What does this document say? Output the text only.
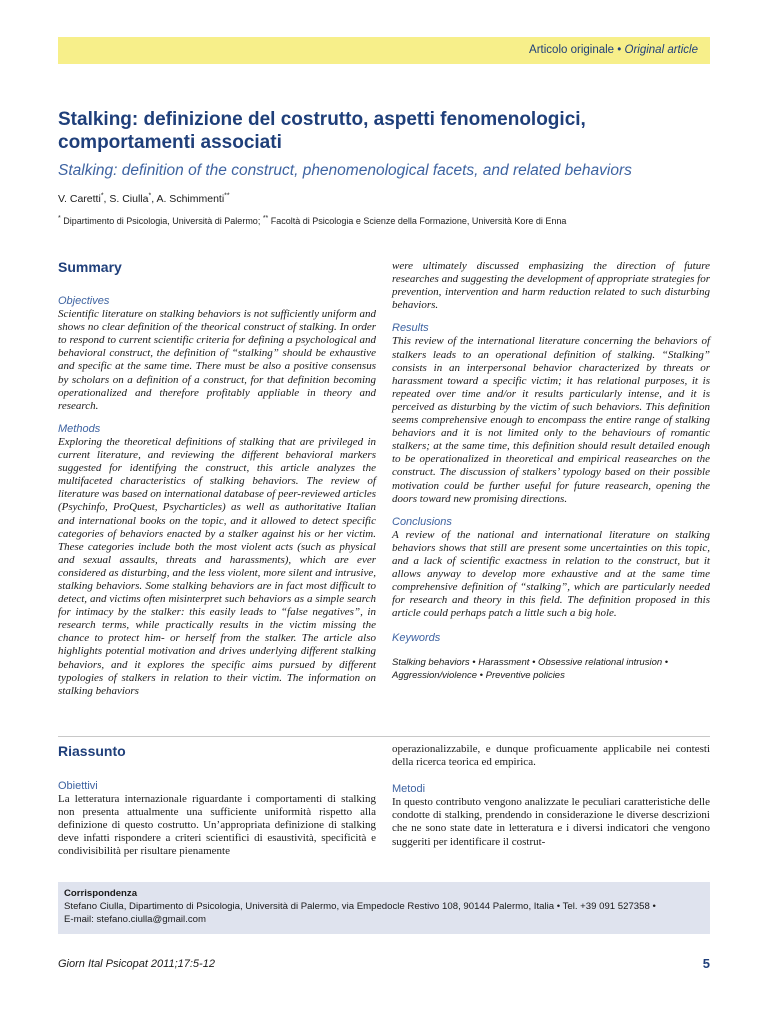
Articolo originale • Original article
Stalking: definizione del costrutto, aspetti fenomenologici, comportamenti associati
Stalking: definition of the construct, phenomenological facets, and related behaviors
V. Caretti*, S. Ciulla*, A. Schimmenti**
* Dipartimento di Psicologia, Università di Palermo; ** Facoltà di Psicologia e Scienze della Formazione, Università Kore di Enna
Summary

Objectives

Scientific literature on stalking behaviors is not sufficiently uniform and shows no clear definition of the theorical construct of stalking. In order to respond to current scientific criteria for defining a psychological and behavioral construct, the definition of “stalking” should be exhaustive and specific at the same time. There must be also a positive consensus by scholars on a definition of a construct, for that definition becoming operationalized and therefore profitably appliable in theory and research.

Methods

Exploring the theoretical definitions of stalking that are privileged in current literature, and reviewing the different behavioral markers suggested for identifying the construct, this article analyzes the multifaceted characteristics of stalking behaviors. The review of literature was based on international database of peer-reviewed articles (Psychinfo, ProQuest, Psycharticles) as well as authoritative Italian and international books on the topic, and it allowed to detect specific categories of behaviors enacted by a stalker against his or her victim. These categories include both the most violent acts (such as physical and sexual assaults, threats and harassments), which are ever considered as disturbing, and the less violent, more silent and intrusive, stalking behaviors. Some stalking behaviors are in fact most difficult to detect, and victims often misinterpret such behaviors as a simple search for intimacy by the stalker: this easily leads to “false negatives”, in research terms, while practically results in the victim missing the chance to protect him- or herself from the stalker. The article also highlights potential motivation and drives underlying different stalking behaviors, and it explores the specific aims pursued by different typologies of stalkers in relation to their victim. The information on stalking behaviors

were ultimately discussed emphasizing the direction of future researches and suggesting the development of appropriate strategies for prevention, intervention and harm reduction related to such disturbing behaviors.

Results

This review of the international literature concerning the behaviors of stalkers leads to an operational definition of stalking. “Stalking” consists in an interpersonal behavior characterized by threats or harassment toward a specific victim; it has relational purposes, it is repeated over time and/or it results particularly intense, and it is perceived as disturbing by the victim of such behaviors. This definition seems comprehensive enough to encompass the entire range of stalking behaviors and it is not limited only to the behaviours of romantic stalkers; at the same time, this definition should result detailed enough to be operationalized in theoretical and empirical reasearches on the construct. The discussion of stalkers’ typology based on their possible motivation could be further useful for future reasearch, opening the doors toward new promising directions.

Conclusions

A review of the national and international literature on stalking behaviors shows that still are present some uncertainties on this topic, and a lack of scientific exactness in relation to the construct, but it allows anyway to develop more exhaustive and at the same time comprehensive definition of “stalking”, which are particularly needed for research and theory in this field. The definition proposed in this article could perhaps patch a little such a big hole.

Keywords

Stalking behaviors • Harassment • Obsessive relational intrusion • Aggression/violence • Preventive policies

Riassunto

Obiettivi

La letteratura internazionale riguardante i comportamenti di stalking non presenta attualmente una sufficiente uniformità rispetto alla definizione di questo costrutto. Un’appropriata definizione di stalking deve infatti rispondere a criteri scientifici di esaustività, specificità e condivisibilità per risultare pienamente

operazionalizzabile, e dunque proficuamente applicabile nei contesti della ricerca teorica ed empirica.

Metodi

In questo contributo vengono analizzate le peculiari caratteristiche delle condotte di stalking, prendendo in considerazione le diverse descrizioni che ne sono state date in letteratura e i diversi indicatori che vengono suggeriti per identificare il costrut-

Corrispondenza
Stefano Ciulla, Dipartimento di Psicologia, Università di Palermo, via Empedocle Restivo 108, 90144 Palermo, Italia • Tel. +39 091 527358 •
E-mail: stefano.ciulla@gmail.com
Giorn Ital Psicopat 2011;17:5-12	5
